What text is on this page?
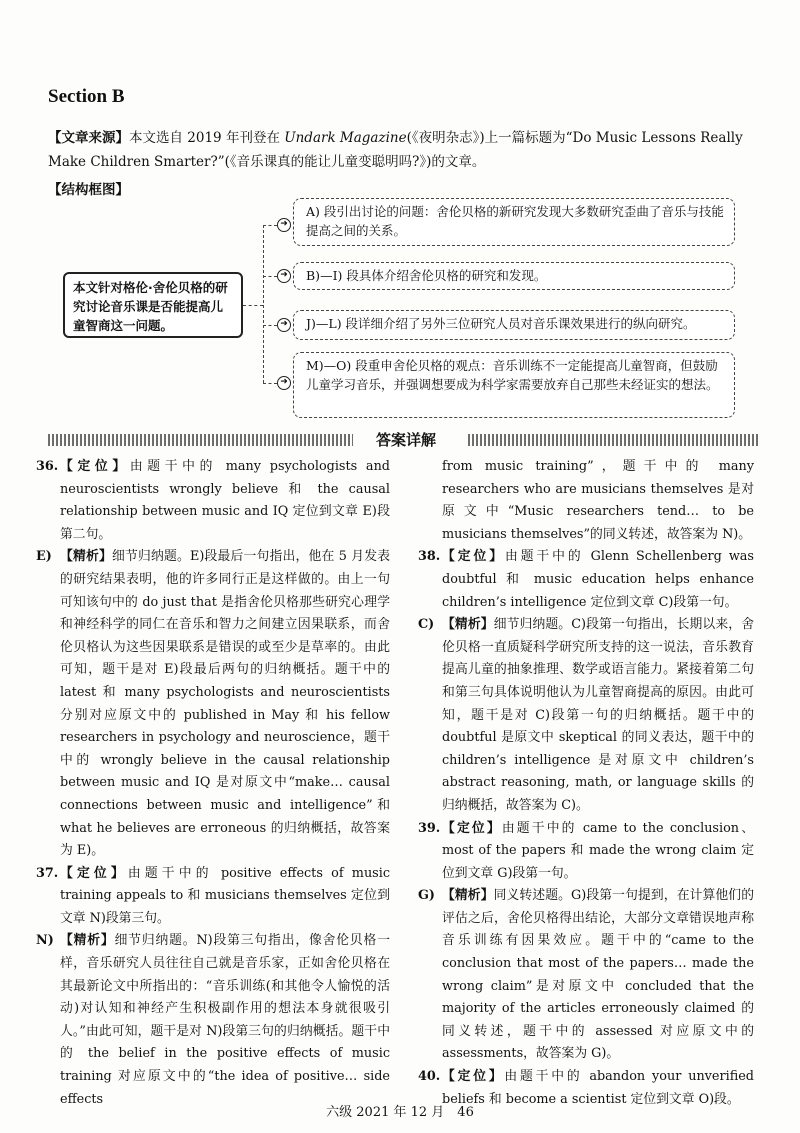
Section B
【文章来源】本文选自 2019 年刊登在 Undark Magazine(《夜明杂志》)上一篇标题为“Do Music Lessons Really Make Children Smarter?”(《音乐课真的能让儿童变聪明吗?》)的文章。
【结构框图】
本文针对格伦·舍伦贝格的研究讨论音乐课是否能提高儿童智商这一问题。
➜
A) 段引出讨论的问题：舍伦贝格的新研究发现大多数研究歪曲了音乐与技能提高之间的关系。
➜	B)—I) 段具体介绍舍伦贝格的研究和发现。
➜	J)—L) 段详细介绍了另外三位研究人员对音乐课效果进行的纵向研究。
➜
M)—O) 段重申舍伦贝格的观点：音乐训练不一定能提高儿童智商，但鼓励儿童学习音乐，并强调想要成为科学家需要放弃自己那些未经证实的想法。
答案详解

36. 【定位】由题干中的 many psychologists and neuroscientists wrongly believe 和 the causal relationship between music and IQ 定位到文章 E)段第二句。

E) 【精析】细节归纳题。E)段最后一句指出，他在 5 月发表的研究结果表明，他的许多同行正是这样做的。由上一句可知该句中的 do just that 是指舍伦贝格那些研究心理学和神经科学的同仁在音乐和智力之间建立因果联系，而舍伦贝格认为这些因果联系是错误的或至少是草率的。由此可知，题干是对 E)段最后两句的归纳概括。题干中的 latest 和 many psychologists and neuroscientists 分别对应原文中的 published in May 和 his fellow researchers in psychology and neuroscience，题干中的 wrongly believe in the causal relationship between music and IQ 是对原文中“make… causal connections between music and intelligence”和 what he believes are erroneous 的归纳概括，故答案为 E)。

37. 【定位】由题干中的 positive effects of music training appeals to 和 musicians themselves 定位到文章 N)段第三句。

N) 【精析】细节归纳题。N)段第三句指出，像舍伦贝格一样，音乐研究人员往往自己就是音乐家，正如舍伦贝格在其最新论文中所指出的：“音乐训练(和其他令人愉悦的活动)对认知和神经产生积极副作用的想法本身就很吸引人。”由此可知，题干是对 N)段第三句的归纳概括。题干中的 the belief in the positive effects of music training 对应原文中的“the idea of positive… side effects

from music training”，题干中的 many researchers who are musicians themselves 是对原文中“Music researchers tend… to be musicians themselves”的同义转述，故答案为 N)。

38. 【定位】由题干中的 Glenn Schellenberg was doubtful 和 music education helps enhance children’s intelligence 定位到文章 C)段第一句。

C) 【精析】细节归纳题。C)段第一句指出，长期以来，舍伦贝格一直质疑科学研究所支持的这一说法，音乐教育提高儿童的抽象推理、数学或语言能力。紧接着第二句和第三句具体说明他认为儿童智商提高的原因。由此可知，题干是对 C)段第一句的归纳概括。题干中的 doubtful 是原文中 skeptical 的同义表达，题干中的 children’s intelligence 是对原文中 children’s abstract reasoning, math, or language skills 的归纳概括，故答案为 C)。

39. 【定位】由题干中的 came to the conclusion、most of the papers 和 made the wrong claim 定位到文章 G)段第一句。

G) 【精析】同义转述题。G)段第一句提到，在计算他们的评估之后，舍伦贝格得出结论，大部分文章错误地声称音乐训练有因果效应。题干中的“came to the conclusion that most of the papers… made the wrong claim”是对原文中 concluded that the majority of the articles erroneously claimed 的同义转述，题干中的 assessed 对应原文中的 assessments，故答案为 G)。

40. 【定位】由题干中的 abandon your unverified beliefs 和 become a scientist 定位到文章 O)段。

六级 2021 年 12 月　46
